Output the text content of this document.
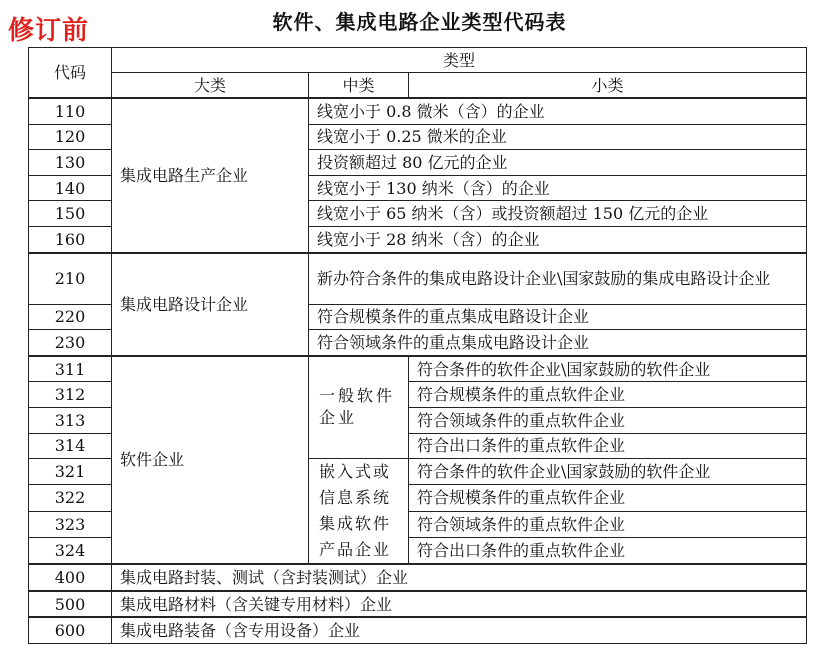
修订前	软件、集成电路企业类型代码表
代码	类型		
	大类	中类	小类
110	集成电路生产企业	线宽小于 0.8 微米（含）的企业	
120		线宽小于 0.25 微米的企业	
130		投资额超过 80 亿元的企业	
140		线宽小于 130 纳米（含）的企业	
150		线宽小于 65 纳米（含）或投资额超过 150 亿元的企业	
160		线宽小于 28 纳米（含）的企业	
210	集成电路设计企业	新办符合条件的集成电路设计企业\国家鼓励的集成电路设计企业	
220		符合规模条件的重点集成电路设计企业	
230		符合领域条件的重点集成电路设计企业	
311	软件企业	一般软件企业	符合条件的软件企业\国家鼓励的软件企业
312			符合规模条件的重点软件企业
313			符合领域条件的重点软件企业
314			符合出口条件的重点软件企业
321		嵌入式或信息系统集成软件产品企业	符合条件的软件企业\国家鼓励的软件企业
322			符合规模条件的重点软件企业
323			符合领域条件的重点软件企业
324			符合出口条件的重点软件企业
400	集成电路封装、测试（含封装测试）企业		
500	集成电路材料（含关键专用材料）企业		
600	集成电路装备（含专用设备）企业		
